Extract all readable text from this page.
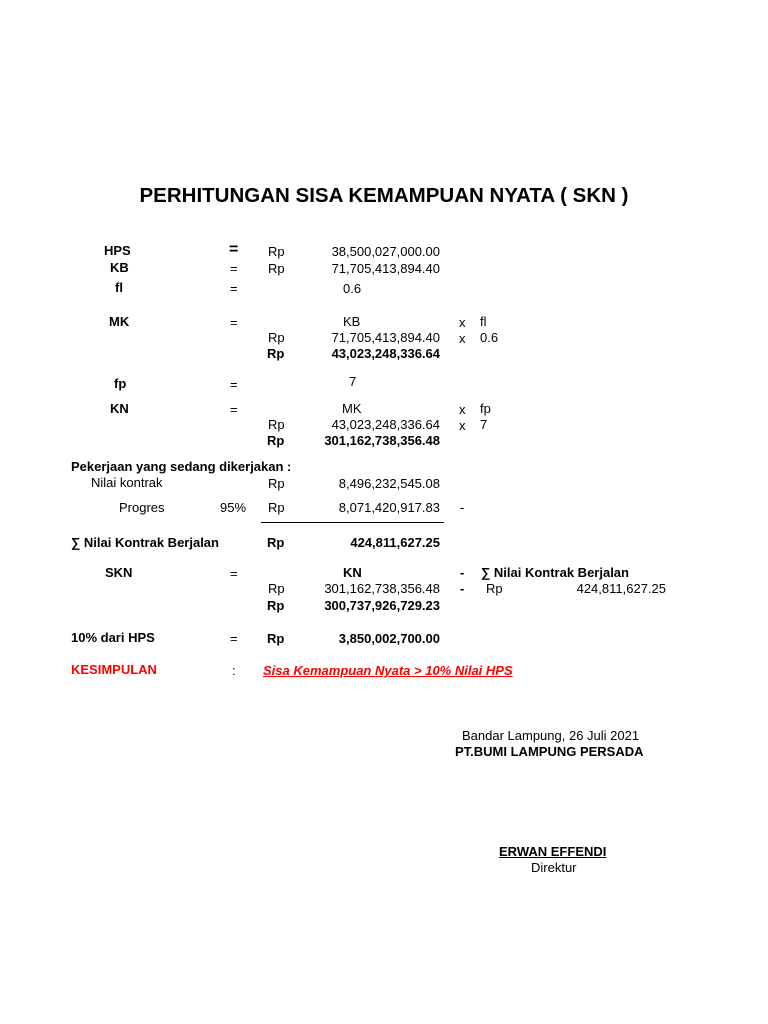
PERHITUNGAN SISA KEMAMPUAN NYATA ( SKN )
HPS	= Rp	38,500,027,000.00
KB	= Rp	71,705,413,894.40
fl	=	0.6
MK	=	KB	x fl
Rp	71,705,413,894.40 x 0.6
Rp	43,023,248,336.64
fp	=	7
KN	=	MK	x fp
Rp	43,023,248,336.64 x 7
Rp	301,162,738,356.48
Pekerjaan yang sedang dikerjakan :
Nilai kontrak	Rp	8,496,232,545.08
Progres	95% Rp	8,071,420,917.83 -
∑ Nilai Kontrak Berjalan	Rp	424,811,627.25
SKN	=	KN	- ∑ Nilai Kontrak Berjalan
Rp	301,162,738,356.48 - Rp	424,811,627.25
Rp	300,737,926,729.23
10% dari HPS	= Rp	3,850,002,700.00
KESIMPULAN	: Sisa Kemampuan Nyata > 10% Nilai HPS
Bandar Lampung, 26 Juli 2021
PT.BUMI LAMPUNG PERSADA
ERWAN EFFENDI
Direktur
